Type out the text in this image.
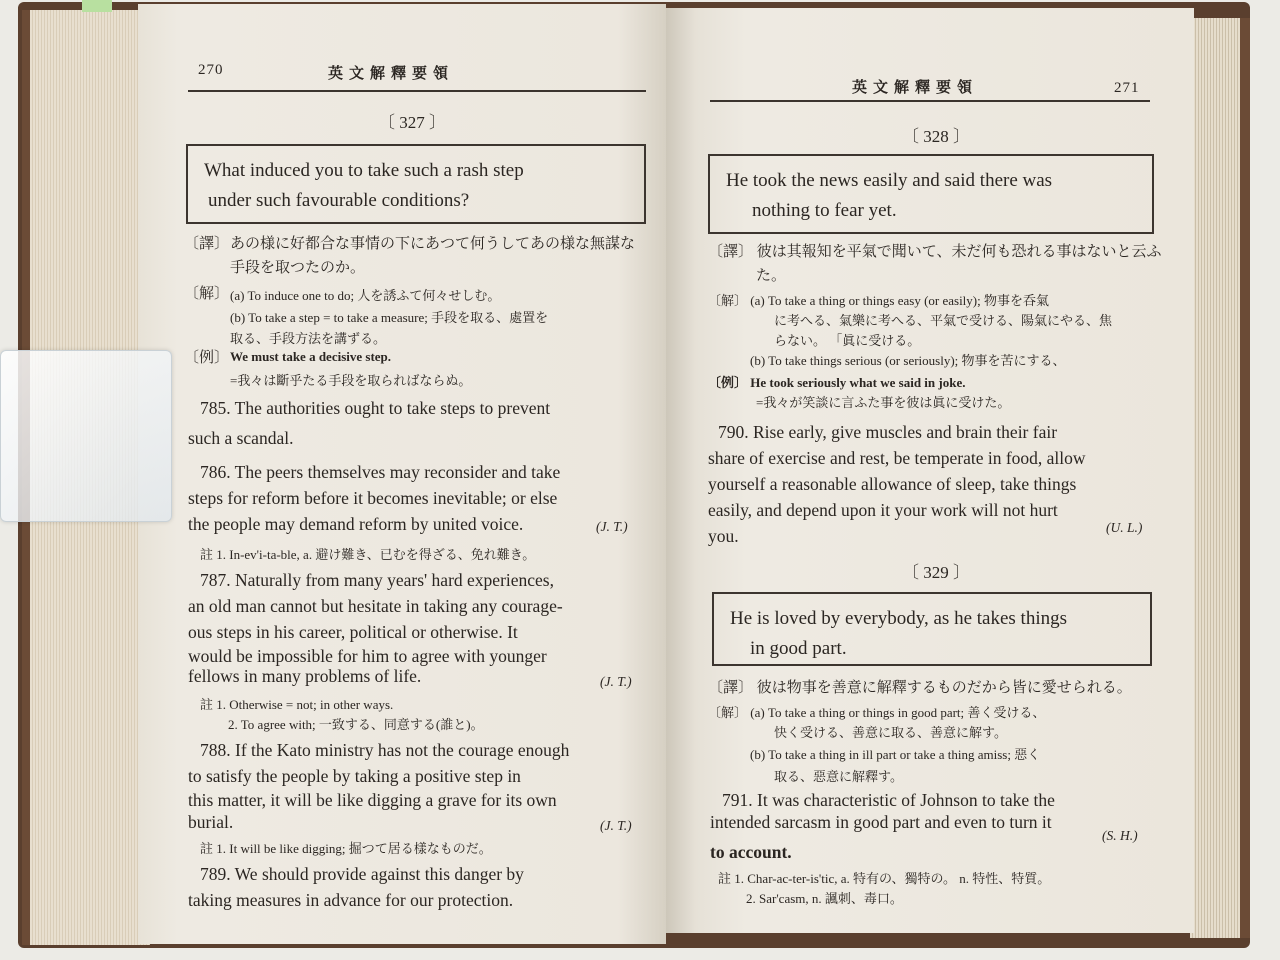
270	英文解釋要領
〔 327 〕
What induced you to take such a rash step
under such favourable conditions?
〔譯〕 あの様に好都合な事情の下にあつて何うしてあの様な無謀な
手段を取つたのか。
〔解〕 (a) To induce one to do; 人を誘ふて何々せしむ。
(b) To take a step = to take a measure; 手段を取る、處置を
取る、手段方法を講ずる。
〔例〕 We must take a decisive step.
=我々は斷乎たる手段を取らればならぬ。
785. The authorities ought to take steps to prevent
such a scandal.
786. The peers themselves may reconsider and take
steps for reform before it becomes inevitable; or else
the people may demand reform by united voice.	(J. T.)
註 1. In-ev'i-ta-ble, a. 避け難き、已むを得ざる、免れ難き。
787. Naturally from many years' hard experiences,
an old man cannot but hesitate in taking any courage-
ous steps in his career, political or otherwise. It
would be impossible for him to agree with younger
fellows in many problems of life.	(J. T.)
註 1. Otherwise = not; in other ways.
2. To agree with; 一致する、同意する(誰と)。
788. If the Kato ministry has not the courage enough
to satisfy the people by taking a positive step in
this matter, it will be like digging a grave for its own
burial.	(J. T.)
註 1. It will be like digging; 掘つて居る樣なものだ。
789. We should provide against this danger by
taking measures in advance for our protection.
英文解釋要領	271
〔 328 〕
He took the news easily and said there was
nothing to fear yet.
〔譯〕 彼は其報知を平氣で聞いて、未だ何も恐れる事はないと云ふ
た。
〔解〕 (a) To take a thing or things easy (or easily); 物事を呑氣
に考へる、氣樂に考へる、平氣で受ける、陽氣にやる、焦
らない。 「眞に受ける。
(b) To take things serious (or seriously); 物事を苦にする、
〔例〕 He took seriously what we said in joke.
=我々が笑談に言ふた事を彼は眞に受けた。
790. Rise early, give muscles and brain their fair
share of exercise and rest, be temperate in food, allow
yourself a reasonable allowance of sleep, take things
easily, and depend upon it your work will not hurt
you.	(U. L.)
〔 329 〕
He is loved by everybody, as he takes things
in good part.
〔譯〕 彼は物事を善意に解釋するものだから皆に愛せられる。
〔解〕 (a) To take a thing or things in good part; 善く受ける、
快く受ける、善意に取る、善意に解す。
(b) To take a thing in ill part or take a thing amiss; 惡く
取る、惡意に解釋す。
791. It was characteristic of Johnson to take the
intended sarcasm in good part and even to turn it
(S. H.)
to account.
註 1. Char-ac-ter-is'tic, a. 特有の、獨特の。 n. 特性、特質。
2. Sar'casm, n. 諷刺、毒口。
